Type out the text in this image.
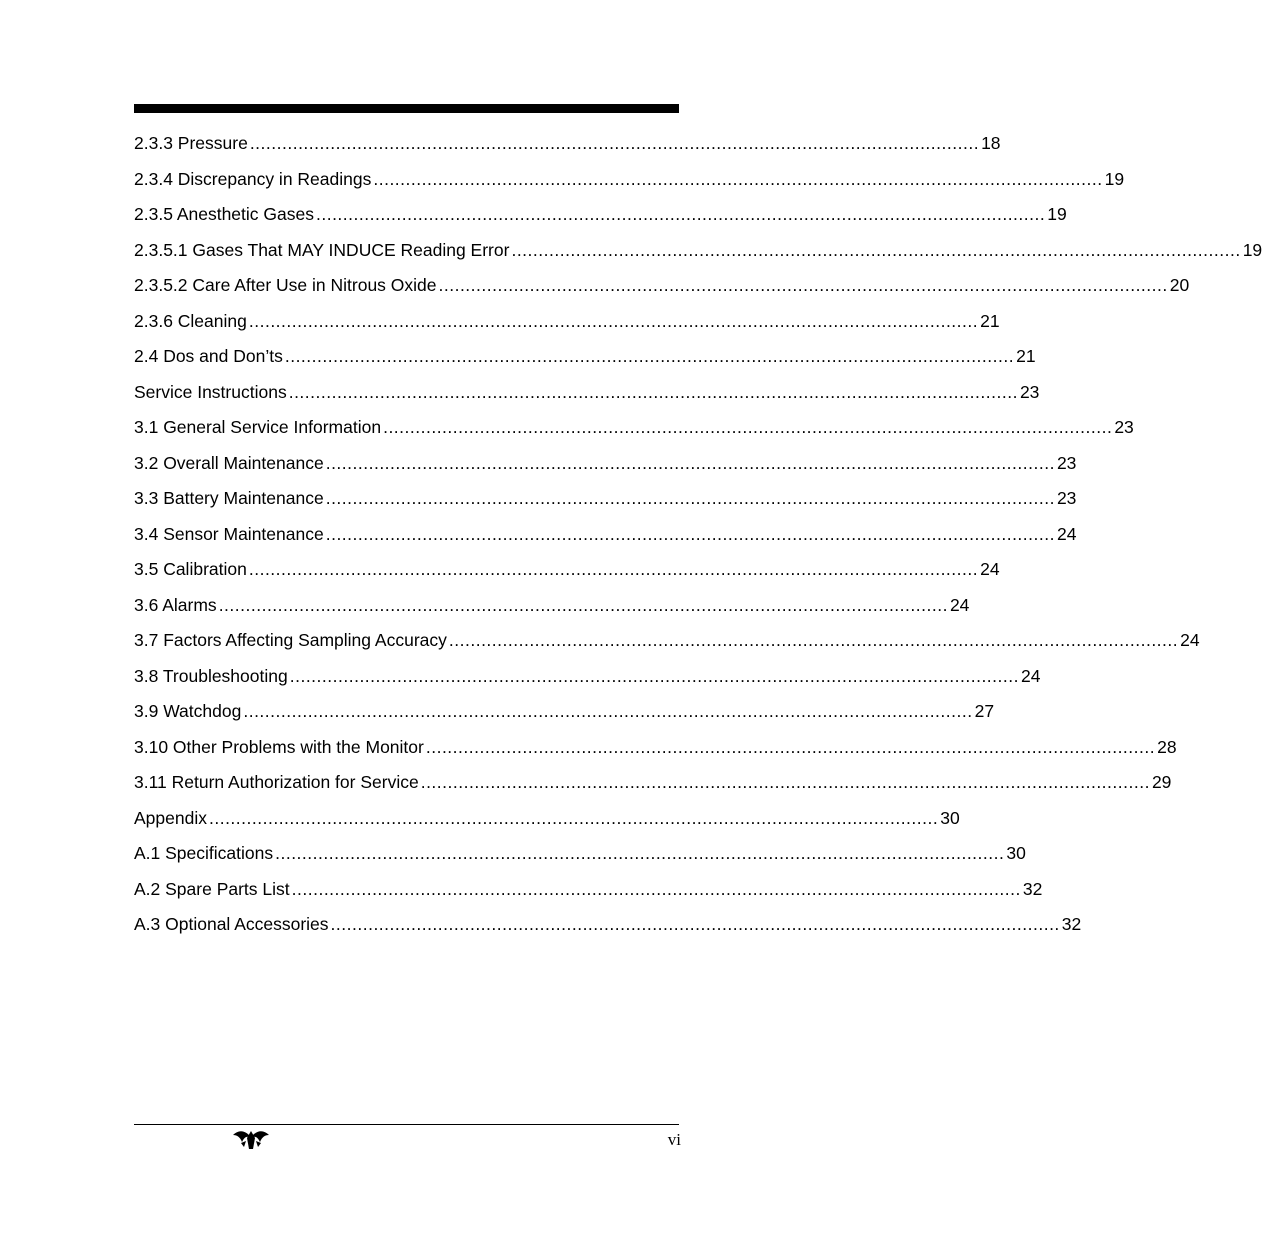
2.3.3 Pressure ........................................................................................................................................ 18
2.3.4 Discrepancy in Readings ........................................................................................................................................ 19
2.3.5 Anesthetic Gases ........................................................................................................................................ 19
2.3.5.1 Gases That MAY INDUCE Reading Error ........................................................................................................................................ 19
2.3.5.2 Care After Use in Nitrous Oxide ........................................................................................................................................ 20
2.3.6 Cleaning ........................................................................................................................................ 21
2.4 Dos and Don’ts ........................................................................................................................................ 21
Service Instructions ........................................................................................................................................ 23
3.1 General Service Information ........................................................................................................................................ 23
3.2 Overall Maintenance ........................................................................................................................................ 23
3.3 Battery Maintenance ........................................................................................................................................ 23
3.4 Sensor Maintenance ........................................................................................................................................ 24
3.5 Calibration ........................................................................................................................................ 24
3.6 Alarms ........................................................................................................................................ 24
3.7 Factors Affecting Sampling Accuracy ........................................................................................................................................ 24
3.8 Troubleshooting ........................................................................................................................................ 24
3.9 Watchdog ........................................................................................................................................ 27
3.10 Other Problems with the Monitor ........................................................................................................................................ 28
3.11 Return Authorization for Service ........................................................................................................................................ 29
Appendix ........................................................................................................................................ 30
A.1 Specifications ........................................................................................................................................ 30
A.2 Spare Parts List ........................................................................................................................................ 32
A.3 Optional Accessories ........................................................................................................................................ 32
vi
